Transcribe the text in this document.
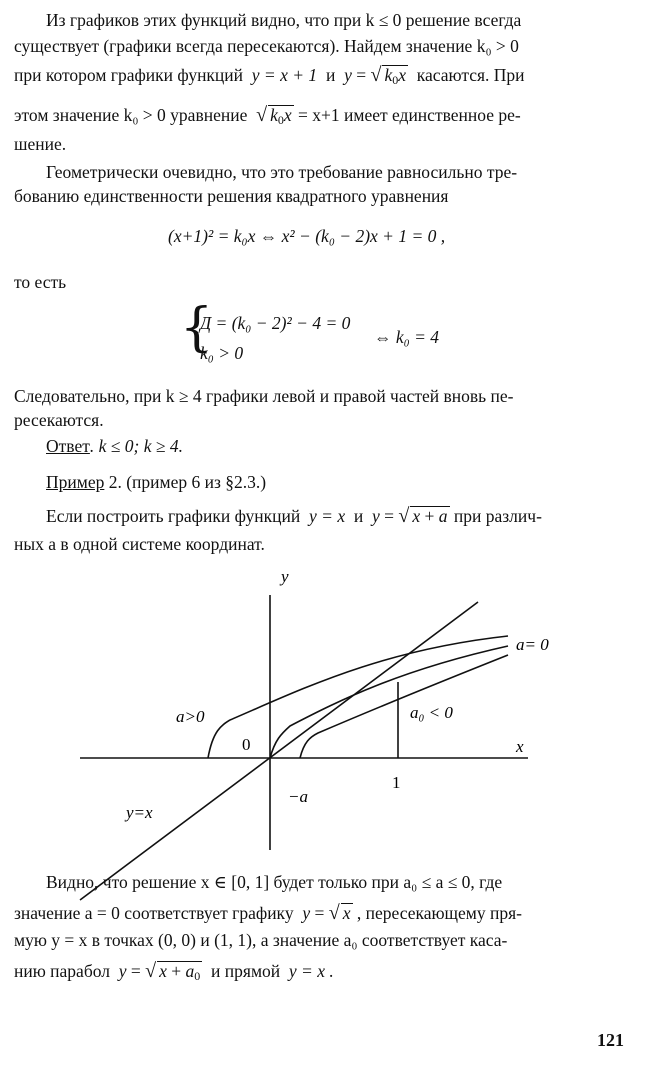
Из графиков этих функций видно, что при k ≤ 0 решение всегда
существует (графики всегда пересекаются). Найдем значение k₀ > 0
при котором графики функций y = x + 1 и y = √ $k_0x$ касаются. При
этом значение k₀ > 0 уравнение √ $k_0x = x+1$ имеет единственное ре-
шение.
Геометрически очевидно, что это требование равносильно тре-
бованию единственности решения квадратного уравнения
(x+1)² = k₀x ⇔ x² − (k₀ − 2)x + 1 = 0 ,
то есть
{
Д = (k₀ − 2)² − 4 = 0
k₀ > 0
⇔ k₀ = 4
Следовательно, при k ≥ 4 графики левой и правой частей вновь пе-
ресекаются.
Ответ. k ≤ 0; k ≥ 4.
Пример 2. (пример 6 из §2.3.)
Если построить графики функций y = x и y = √ x + a при различ-
ных a в одной системе координат.
y
x
0
1
−a
a>0
a= 0
a₀ < 0
y=x
Видно, что решение x ∈ [0, 1] будет только при a₀ ≤ a ≤ 0, где
значение a = 0 соответствует графику y = √ x , пересекающему пря-
мую y = x в точках (0, 0) и (1, 1), а значение a₀ соответствует каса-
нию парабол y = √ $x + a_0$ и прямой y = x .
121
